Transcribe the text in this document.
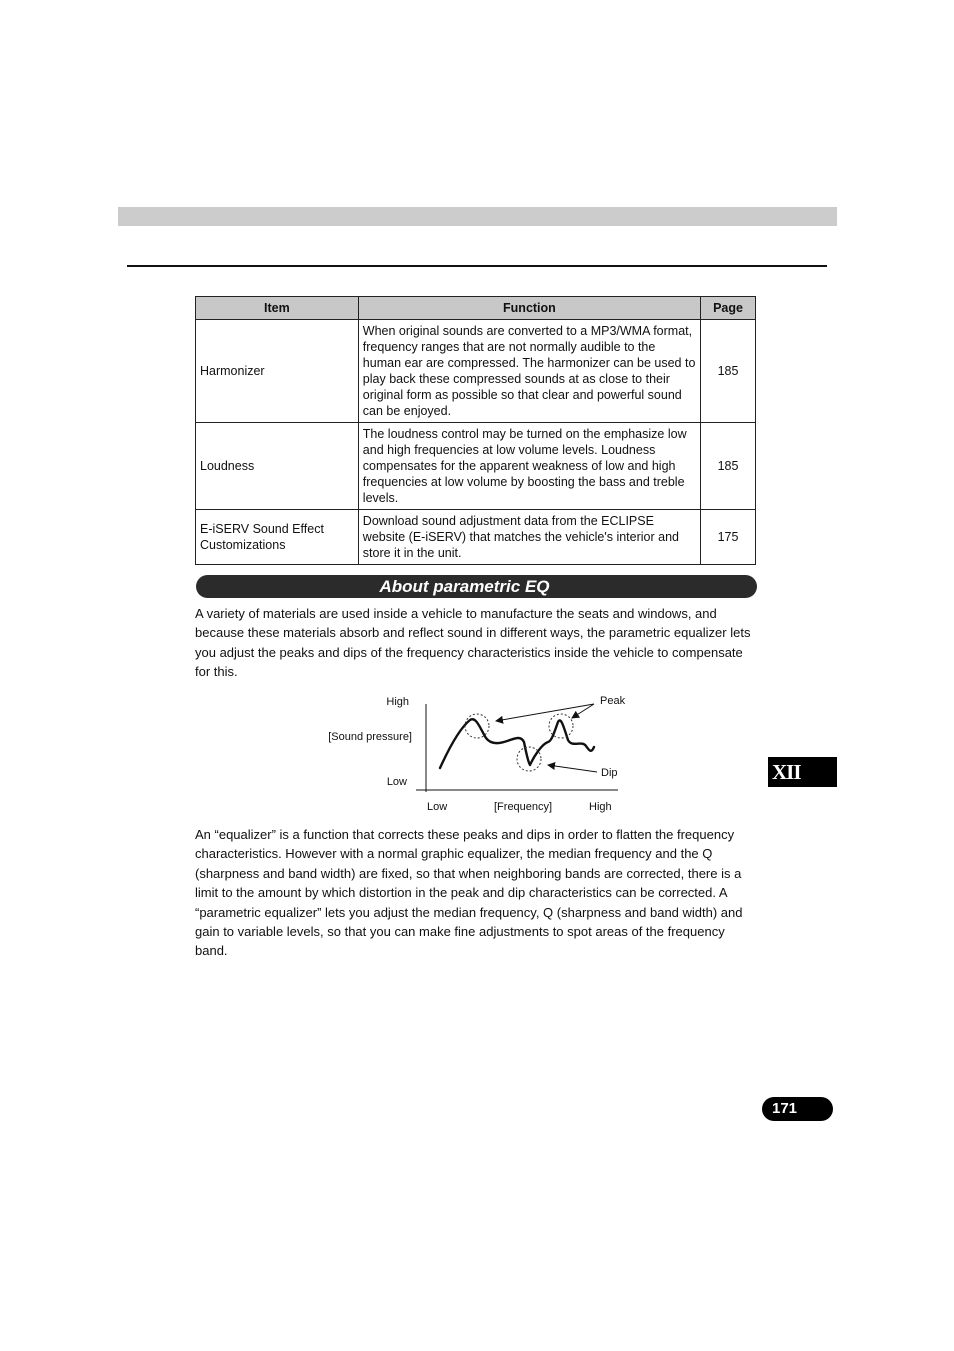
Item	Function	Page
Harmonizer	When original sounds are converted to a MP3/WMA format, frequency ranges that are not normally audible to the human ear are compressed. The harmonizer can be used to play back these compressed sounds at as close to their original form as possible so that clear and powerful sound can be enjoyed.	185
Loudness	The loudness control may be turned on the emphasize low and high frequencies at low volume levels. Loudness compensates for the apparent weakness of low and high frequencies at low volume by boosting the bass and treble levels.	185
E-iSERV Sound Effect Customizations	Download sound adjustment data from the ECLIPSE website (E-iSERV) that matches the vehicle's interior and store it in the unit.	175
About parametric EQ

A variety of materials are used inside a vehicle to manufacture the seats and windows, and because these materials absorb and reflect sound in different ways, the parametric equalizer lets you adjust the peaks and dips of the frequency characteristics inside the vehicle to compensate for this.

High
[Sound pressure]
Low
Low	[Frequency]	High
Peak
Dip

An “equalizer” is a function that corrects these peaks and dips in order to flatten the frequency characteristics. However with a normal graphic equalizer, the median frequency and the Q (sharpness and band width) are fixed, so that when neighboring bands are corrected, there is a limit to the amount by which distortion in the peak and dip characteristics can be corrected. A “parametric equalizer” lets you adjust the median frequency, Q (sharpness and band width) and gain to variable levels, so that you can make fine adjustments to spot areas of the frequency band.

XII
171
